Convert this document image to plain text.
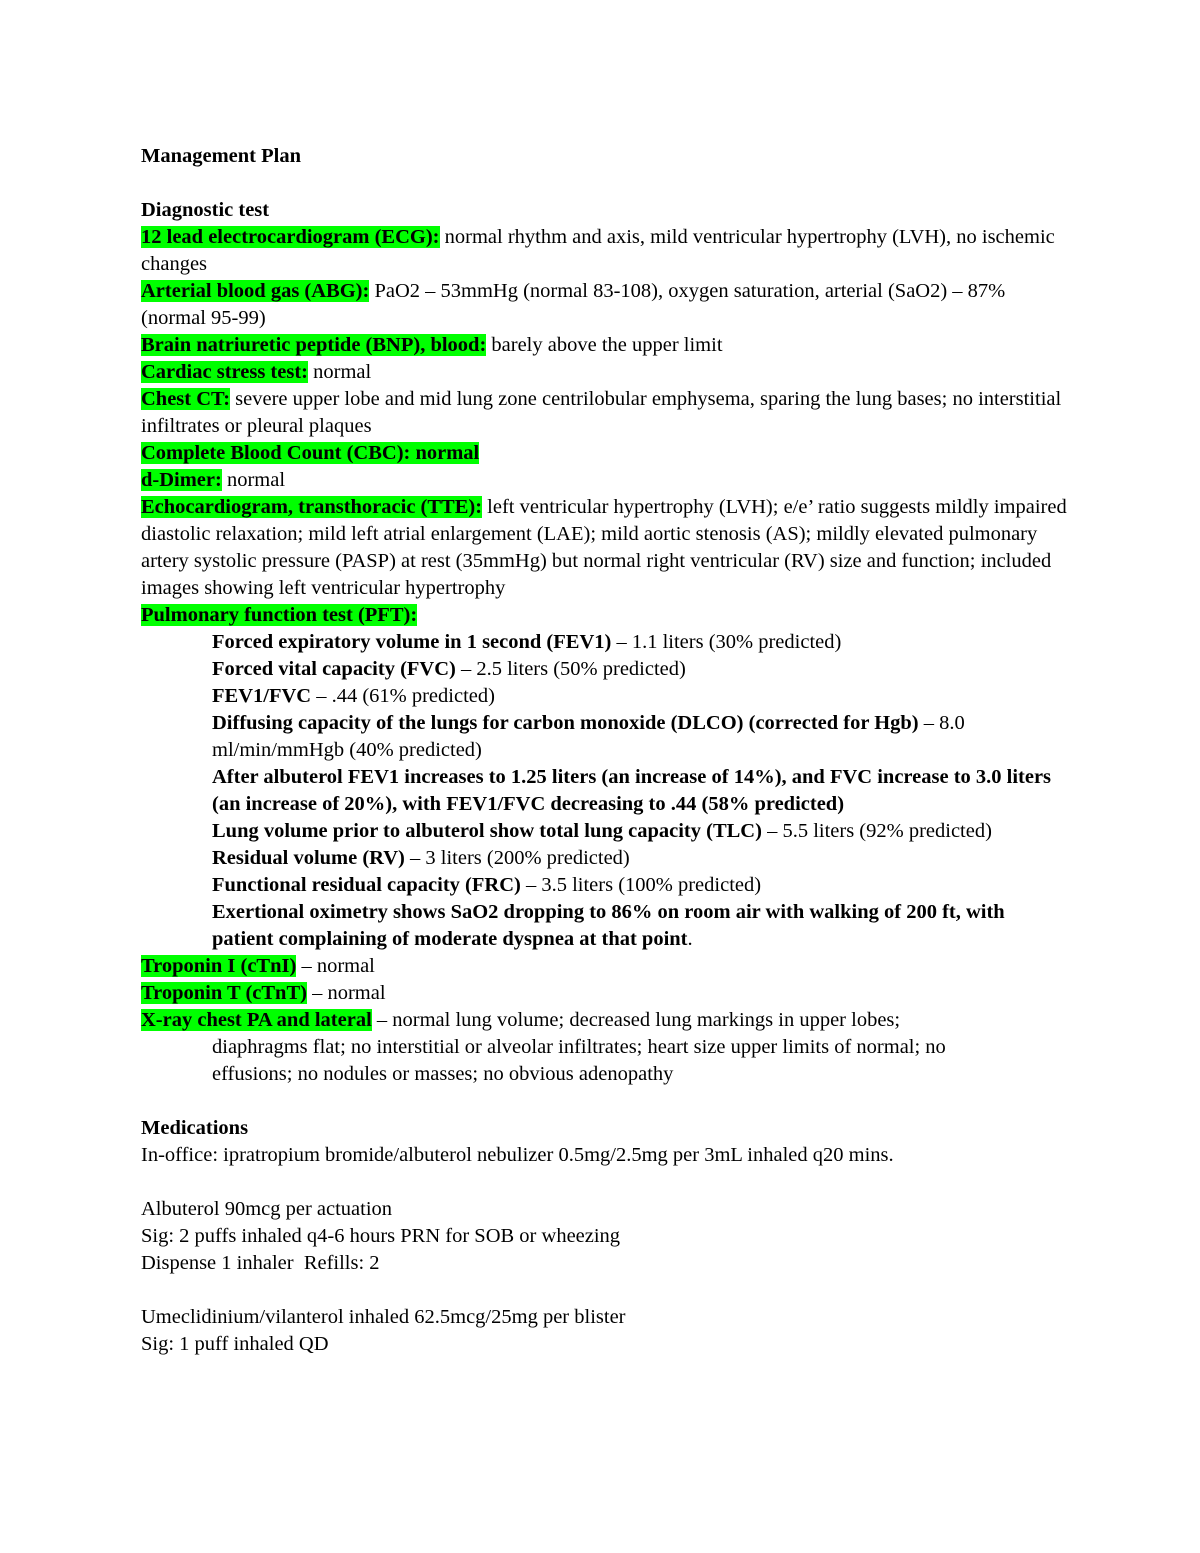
Management Plan
Diagnostic test
12 lead electrocardiogram (ECG): normal rhythm and axis, mild ventricular hypertrophy (LVH), no ischemic changes
Arterial blood gas (ABG): PaO2 – 53mmHg (normal 83-108), oxygen saturation, arterial (SaO2) – 87% (normal 95-99)
Brain natriuretic peptide (BNP), blood: barely above the upper limit
Cardiac stress test: normal
Chest CT: severe upper lobe and mid lung zone centrilobular emphysema, sparing the lung bases; no interstitial infiltrates or pleural plaques
Complete Blood Count (CBC): normal
d-Dimer: normal
Echocardiogram, transthoracic (TTE): left ventricular hypertrophy (LVH); e/e’ ratio suggests mildly impaired diastolic relaxation; mild left atrial enlargement (LAE); mild aortic stenosis (AS); mildly elevated pulmonary artery systolic pressure (PASP) at rest (35mmHg) but normal right ventricular (RV) size and function; included images showing left ventricular hypertrophy
Pulmonary function test (PFT):
Forced expiratory volume in 1 second (FEV1) – 1.1 liters (30% predicted)
Forced vital capacity (FVC) – 2.5 liters (50% predicted)
FEV1/FVC – .44 (61% predicted)
Diffusing capacity of the lungs for carbon monoxide (DLCO) (corrected for Hgb) – 8.0 ml/min/mmHgb (40% predicted)
After albuterol FEV1 increases to 1.25 liters (an increase of 14%), and FVC increase to 3.0 liters (an increase of 20%), with FEV1/FVC decreasing to .44 (58% predicted)
Lung volume prior to albuterol show total lung capacity (TLC) – 5.5 liters (92% predicted)
Residual volume (RV) – 3 liters (200% predicted)
Functional residual capacity (FRC) – 3.5 liters (100% predicted)
Exertional oximetry shows SaO2 dropping to 86% on room air with walking of 200 ft, with patient complaining of moderate dyspnea at that point.
Troponin I (cTnI) – normal
Troponin T (cTnT) – normal
X-ray chest PA and lateral – normal lung volume; decreased lung markings in upper lobes;
diaphragms flat; no interstitial or alveolar infiltrates; heart size upper limits of normal; no
effusions; no nodules or masses; no obvious adenopathy
Medications
In-office: ipratropium bromide/albuterol nebulizer 0.5mg/2.5mg per 3mL inhaled q20 mins.
Albuterol 90mcg per actuation
Sig: 2 puffs inhaled q4-6 hours PRN for SOB or wheezing
Dispense 1 inhaler  Refills: 2
Umeclidinium/vilanterol inhaled 62.5mcg/25mg per blister
Sig: 1 puff inhaled QD
